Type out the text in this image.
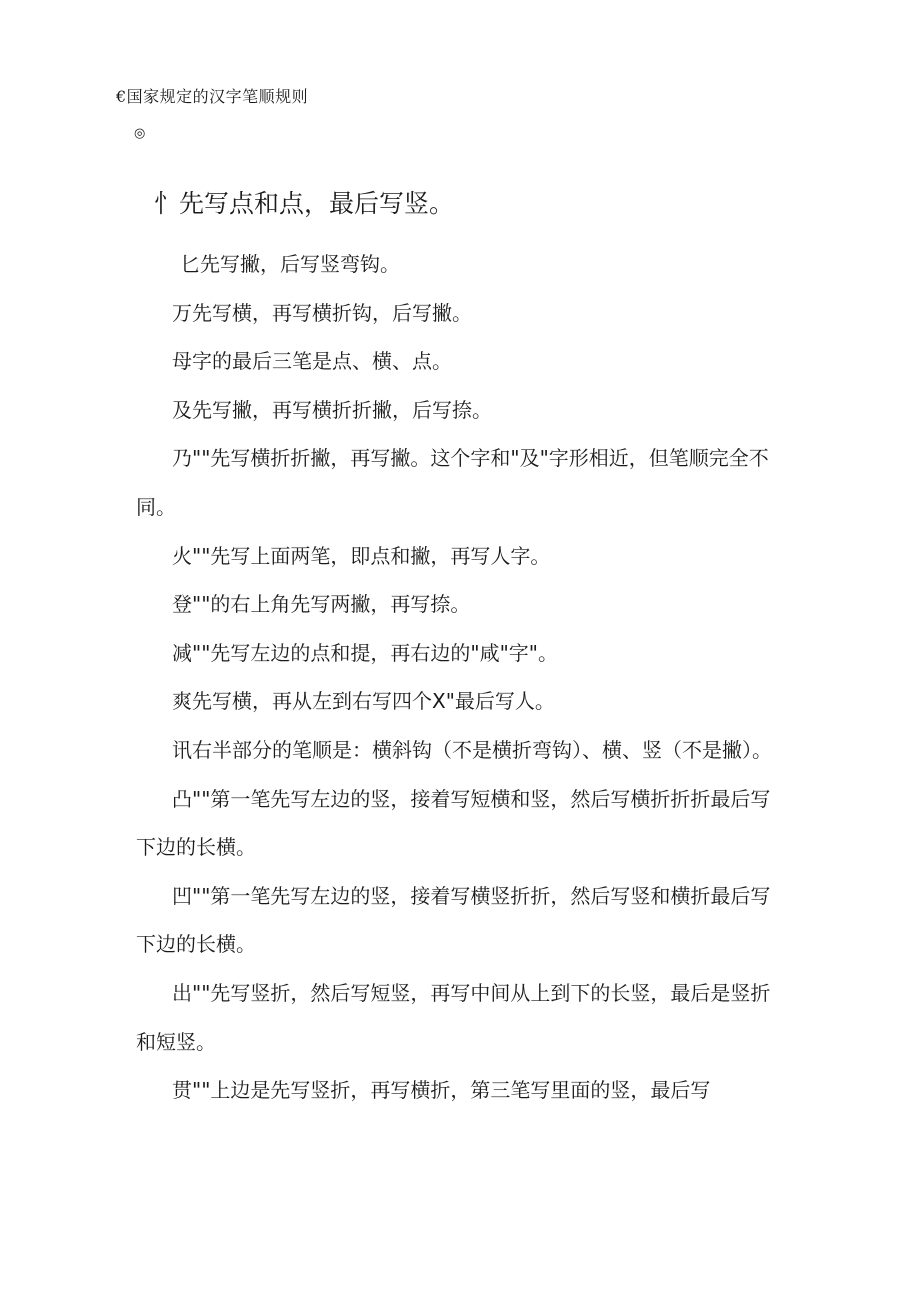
€国家规定的汉字笔顺规则
◎
忄先写点和点，最后写竖。

匕先写撇，后写竖弯钩。

万先写横，再写横折钩，后写撇。

母字的最后三笔是点、横、点。

及先写撇，再写横折折撇，后写捺。

乃""先写横折折撇，再写撇。这个字和"及"字形相近，但笔顺完全不同。

火""先写上面两笔，即点和撇，再写人字。

登""的右上角先写两撇，再写捺。

减""先写左边的点和提，再右边的"咸"字"。

爽先写横，再从左到右写四个X"最后写人。

讯右半部分的笔顺是：横斜钩（不是横折弯钩）、横、竖（不是撇）。

凸""第一笔先写左边的竖，接着写短横和竖，然后写横折折折最后写下边的长横。

凹""第一笔先写左边的竖，接着写横竖折折，然后写竖和横折最后写下边的长横。

出""先写竖折，然后写短竖，再写中间从上到下的长竖，最后是竖折和短竖。

贯""上边是先写竖折，再写横折，第三笔写里面的竖，最后写
